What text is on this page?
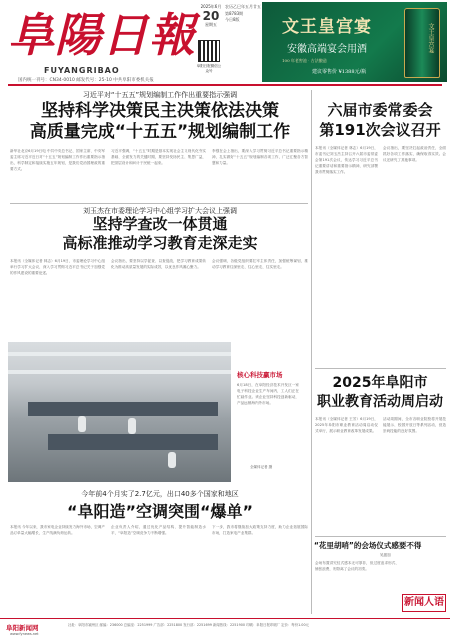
阜陽日報
FUYANGRIBAO
国内统一刊号：CN34-0010 邮发代号：25-10 中共阜阳市委机关报
2025年6月
20
星期五
农历乙巳年五月廿五
第8783期
今日8版
阜阳日报微信公众号
文王皇宫宴
安徽高端宴会用酒
100 年老窖池 · 古法酿造
建议零售价 ¥1388元/瓶
文王皇宫宴
习近平对“十五五”规划编制工作作出重要指示强调
坚持科学决策民主决策依法决策
高质量完成“十五五”规划编制工作
新华社北京6月19日电 中共中央总书记、国家主席、中央军委主席习近平近日对“十五五”规划编制工作作出重要指示指出，科学制定和接续实施五年规划，是我们党治国理政的重要方式。
习近平强调，“十五五”时期是基本实现社会主义现代化夯实基础、全面发力的关键时期，要坚持发扬民主、集思广益，把顶层设计和问计于民统一起来。
李强在会上指出，要深入学习贯彻习近平总书记重要指示精神，扎实做好“十五五”规划编制各项工作，广泛汇聚各方智慧和力量。
刘玉杰在市委理论学习中心组学习扩大会议上强调
坚持学查改一体贯通
高标准推动学习教育走深走实
本报讯（全媒体记者 林志）6月19日，市委理论学习中心组举行学习扩大会议，深入学习贯彻习近平总书记关于加强党的作风建设的重要论述。
会议指出，要坚持以学促查、以查促改，把学习教育成果转化为推动高质量发展的实际成效，以优良作风凝心聚力。
会议强调，各级党组织要扛牢主体责任，加强统筹谋划，推动学习教育往深里走、往心里走、往实里走。
核心科技赢市场
6月18日，在阜阳经济技术开发区一家电子科技企业生产车间内，工人们正在忙碌作业。该企业坚持科技创新驱动，产品远销海内外市场。
全媒体记者 摄
今年前4个月实了2.7亿元，出口40多个国家和地区
“阜阳造”空调突围“爆单”
本报讯 今年以来，我市家电企业持续发力海外市场，空调产品订单量大幅增长，生产线满负荷运转。
企业负责人介绍，通过优化产品结构、提升智能制造水平，“阜阳造”空调竞争力不断增强。
下一步，我市将继续加大政策支持力度，助力企业拓展国际市场，打造家电产业集群。
六届市委常委会
第191次会议召开
本报讯（全媒体记者 林志）6月19日，市委书记刘玉杰主持召开六届市委常委会第191次会议，传达学习习近平总书记重要讲话和重要指示精神，研究部署我市贯彻落实工作。
会议指出，要坚决扛起政治责任，全面抓好各项工作落实，确保取得实效。会议还研究了其他事项。
2025年阜阳市
职业教育活动周启动
本报讯（全媒体记者 王芳）6月19日，2025年阜阳市职业教育活动周启动仪式举行，展示职业教育改革发展成果。
活动周期间，全市各职业院校将开展技能展示、校园开放日等系列活动，营造崇尚技能的良好氛围。
“花里胡哨”的会场仪式感要不得
吴振加
会场布置讲究仪式感本无可厚非，但过度追求形式、铺张浪费，则背离了会议的初衷。
新闻人语
阜阳新闻网
www.fynews.net
社址：阜阳市颍州区 邮编：236000 总编室：2251999 广告部：2251800 发行部：2251699 新闻热线：2251900 印刷：阜阳日报印刷厂 定价：每份1.00元
